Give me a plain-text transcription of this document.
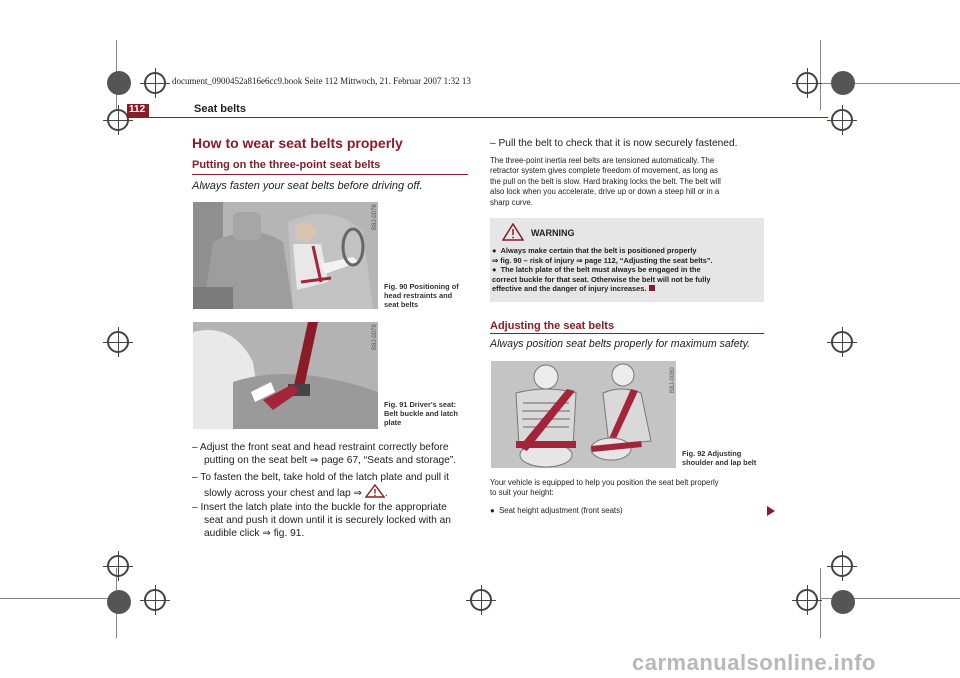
document_0900452a816e6cc9.book Seite 112 Mittwoch, 21. Februar 2007 1:32 13
112	Seat belts
How to wear seat belts properly
Putting on the three-point seat belts
Always fasten your seat belts before driving off.
B8J-0078
Fig. 90 Positioning of
head restraints and
seat belts
B8J-0079
Fig. 91 Driver's seat:
Belt buckle and latch
plate
– Adjust the front seat and head restraint correctly before
putting on the seat belt ⇒ page 67, “Seats and storage”.
– To fasten the belt, take hold of the latch plate and pull it
slowly across your chest and lap ⇒ .
– Insert the latch plate into the buckle for the appropriate
seat and push it down until it is securely locked with an
audible click ⇒ fig. 91.
– Pull the belt to check that it is now securely fastened.
The three-point inertia reel belts are tensioned automatically. The
retractor system gives complete freedom of movement, as long as
the pull on the belt is slow. Hard braking locks the belt. The belt will
also lock when you accelerate, drive up or down a steep hill or in a
sharp curve.
WARNING
● Always make certain that the belt is positioned properly
⇒ fig. 90 – risk of injury ⇒ page 112, “Adjusting the seat belts”.
● The latch plate of the belt must always be engaged in the
correct buckle for that seat. Otherwise the belt will not be fully
effective and the danger of injury increases.
Adjusting the seat belts
Always position seat belts properly for maximum safety.
B8J-0080
Fig. 92 Adjusting
shoulder and lap belt
Your vehicle is equipped to help you position the seat belt properly
to suit your height:
● Seat height adjustment (front seats)
carmanualsonline.info
